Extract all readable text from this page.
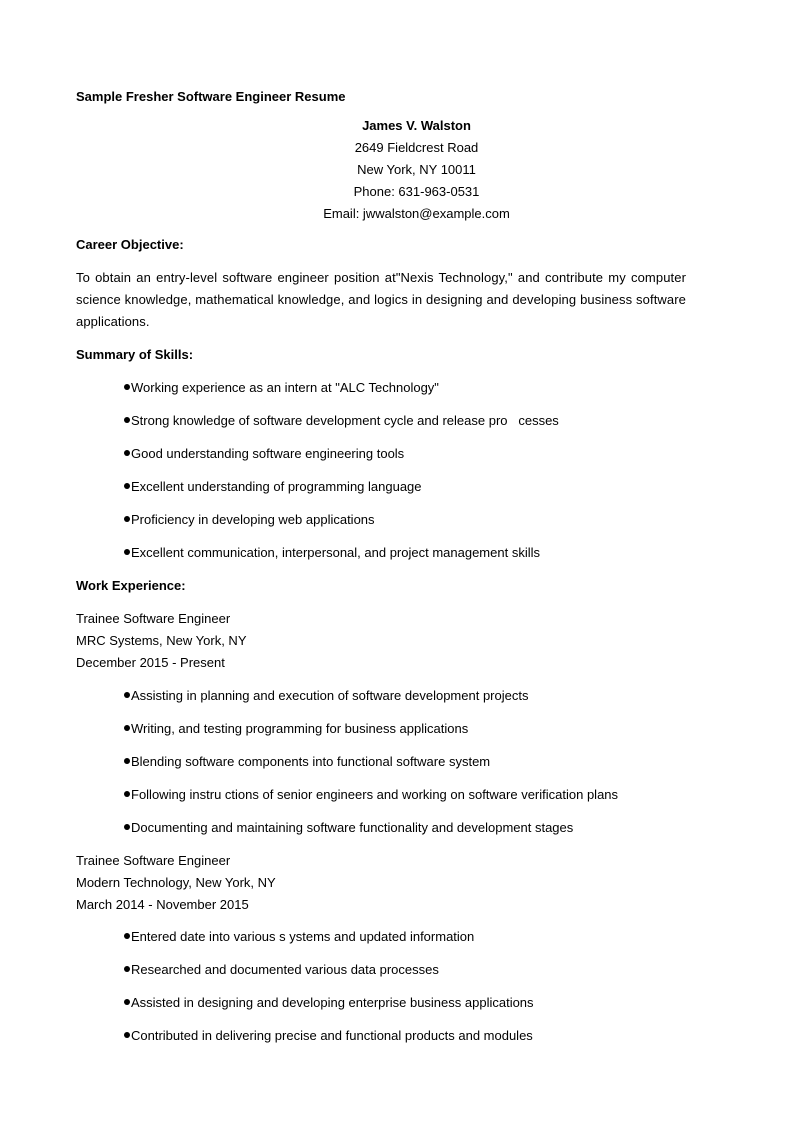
Sample Fresher Software Engineer Resume
James V. Walston
2649 Fieldcrest Road
New York, NY 10011
Phone: 631-963-0531
Email: jwwalston@example.com
Career Objective:
To obtain an entry-level software engineer position at"Nexis Technology," and contribute my computer science knowledge, mathematical knowledge, and logics in designing and developing business software applications.
Summary of Skills:
Working experience as an intern at "ALC Technology"
Strong knowledge of software development cycle and release pro   cesses
Good understanding software engineering tools
Excellent understanding of programming language
Proficiency in developing web applications
Excellent communication, interpersonal, and project management skills
Work Experience:
Trainee Software Engineer
MRC Systems, New York, NY
December 2015 - Present
Assisting in planning and execution of software development projects
Writing, and testing programming for business applications
Blending software components into functional software system
Following instru ctions of senior engineers and working on software verification plans
Documenting and maintaining software functionality and development stages
Trainee Software Engineer
Modern Technology, New York, NY
March 2014 - November 2015
Entered date into various s ystems and updated information
Researched and documented various data processes
Assisted in designing and developing enterprise business applications
Contributed in delivering precise and functional products and modules
